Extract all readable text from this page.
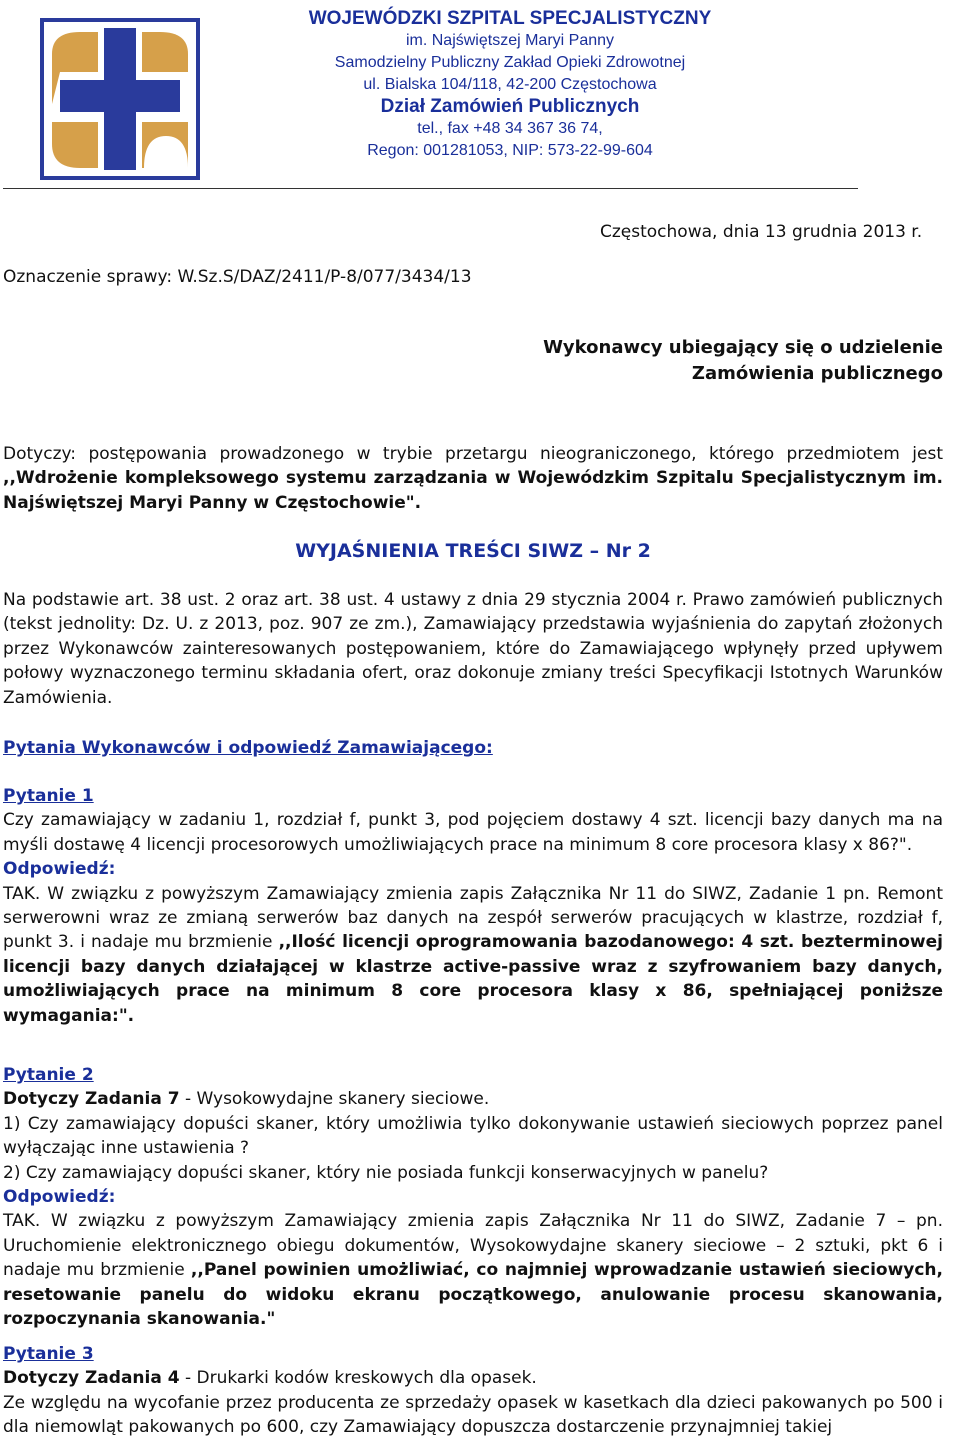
WOJEWÓDZKI SZPITAL SPECJALISTYCZNY
im. Najświętszej Maryi Panny
Samodzielny Publiczny Zakład Opieki Zdrowotnej
ul. Bialska 104/118, 42-200 Częstochowa
Dział Zamówień Publicznych
tel., fax +48 34 367 36 74,
Regon: 001281053, NIP: 573-22-99-604
Częstochowa, dnia 13 grudnia 2013 r.
Oznaczenie sprawy: W.Sz.S/DAZ/2411/P-8/077/3434/13
Wykonawcy ubiegający się o udzielenie
Zamówienia publicznego
Dotyczy: postępowania prowadzonego w trybie przetargu nieograniczonego, którego przedmiotem jest ,,Wdrożenie kompleksowego systemu zarządzania w Wojewódzkim Szpitalu Specjalistycznym im. Najświętszej Maryi Panny w Częstochowie".
WYJAŚNIENIA TREŚCI SIWZ – Nr 2
Na podstawie art. 38 ust. 2 oraz art. 38 ust. 4 ustawy z dnia 29 stycznia 2004 r. Prawo zamówień publicznych (tekst jednolity: Dz. U. z 2013, poz. 907 ze zm.), Zamawiający przedstawia wyjaśnienia do zapytań złożonych przez Wykonawców zainteresowanych postępowaniem, które do Zamawiającego wpłynęły przed upływem połowy wyznaczonego terminu składania ofert, oraz dokonuje zmiany treści Specyfikacji Istotnych Warunków Zamówienia.
Pytania Wykonawców i odpowiedź Zamawiającego:
Pytanie 1
Czy zamawiający w zadaniu 1, rozdział f, punkt 3, pod pojęciem dostawy 4 szt. licencji bazy danych ma na myśli dostawę 4 licencji procesorowych umożliwiających prace na minimum 8 core procesora klasy x 86?".
Odpowiedź:
TAK. W związku z powyższym Zamawiający zmienia zapis Załącznika Nr 11 do SIWZ, Zadanie 1 pn. Remont serwerowni wraz ze zmianą serwerów baz danych na zespół serwerów pracujących w klastrze, rozdział f, punkt 3. i nadaje mu brzmienie ,,Ilość licencji oprogramowania bazodanowego: 4 szt. bezterminowej licencji bazy danych działającej w klastrze active-passive wraz z szyfrowaniem bazy danych, umożliwiających prace na minimum 8 core procesora klasy x 86, spełniającej poniższe wymagania:".
Pytanie 2
Dotyczy Zadania 7 - Wysokowydajne skanery sieciowe.
1) Czy zamawiający dopuści skaner, który umożliwia tylko dokonywanie ustawień sieciowych poprzez panel wyłączając inne ustawienia ?
2) Czy zamawiający dopuści skaner, który nie posiada funkcji konserwacyjnych w panelu?
Odpowiedź:
TAK. W związku z powyższym Zamawiający zmienia zapis Załącznika Nr 11 do SIWZ, Zadanie 7 – pn. Uruchomienie elektronicznego obiegu dokumentów, Wysokowydajne skanery sieciowe – 2 sztuki, pkt 6 i nadaje mu brzmienie ,,Panel powinien umożliwiać, co najmniej wprowadzanie ustawień sieciowych, resetowanie panelu do widoku ekranu początkowego, anulowanie procesu skanowania, rozpoczynania skanowania."
Pytanie 3
Dotyczy Zadania 4 - Drukarki kodów kreskowych dla opasek.
Ze względu na wycofanie przez producenta ze sprzedaży opasek w kasetkach dla dzieci pakowanych po 500 i dla niemowląt pakowanych po 600, czy Zamawiający dopuszcza dostarczenie przynajmniej takiej
